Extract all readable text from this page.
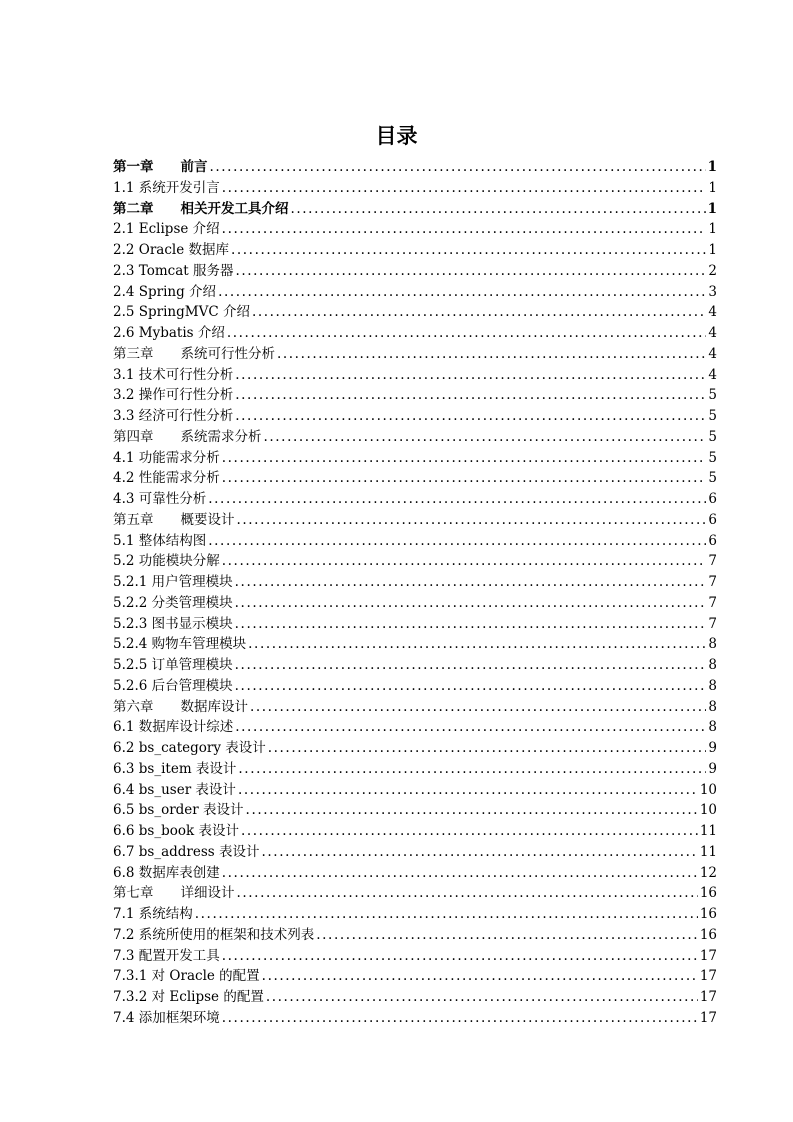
目录
第一章　　前言 .....	1
1.1 系统开发引言 .....	1
第二章　　相关开发工具介绍 .....	1
2.1 Eclipse 介绍 .....	1
2.2 Oracle 数据库 .....	1
2.3 Tomcat 服务器 .....	2
2.4 Spring 介绍 .....	3
2.5 SpringMVC 介绍 .....	4
2.6 Mybatis 介绍 .....	4
第三章　　系统可行性分析 .....	4
3.1 技术可行性分析 .....	4
3.2 操作可行性分析 .....	5
3.3 经济可行性分析 .....	5
第四章　　系统需求分析 .....	5
4.1 功能需求分析 .....	5
4.2 性能需求分析 .....	5
4.3 可靠性分析 .....	6
第五章　　概要设计 .....	6
5.1 整体结构图 .....	6
5.2 功能模块分解 .....	7
5.2.1 用户管理模块 .....	7
5.2.2 分类管理模块 .....	7
5.2.3 图书显示模块 .....	7
5.2.4 购物车管理模块 .....	8
5.2.5 订单管理模块 .....	8
5.2.6 后台管理模块 .....	8
第六章　　数据库设计 .....	8
6.1 数据库设计综述 .....	8
6.2 bs_category 表设计 .....	9
6.3 bs_item 表设计 .....	9
6.4 bs_user 表设计 .....	10
6.5 bs_order 表设计 .....	10
6.6 bs_book 表设计 .....	11
6.7 bs_address 表设计 .....	11
6.8 数据库表创建 .....	12
第七章　　详细设计 .....	16
7.1 系统结构 .....	16
7.2 系统所使用的框架和技术列表 .....	16
7.3 配置开发工具 .....	17
7.3.1 对 Oracle 的配置 .....	17
7.3.2 对 Eclipse 的配置 .....	17
7.4 添加框架环境 .....	17
